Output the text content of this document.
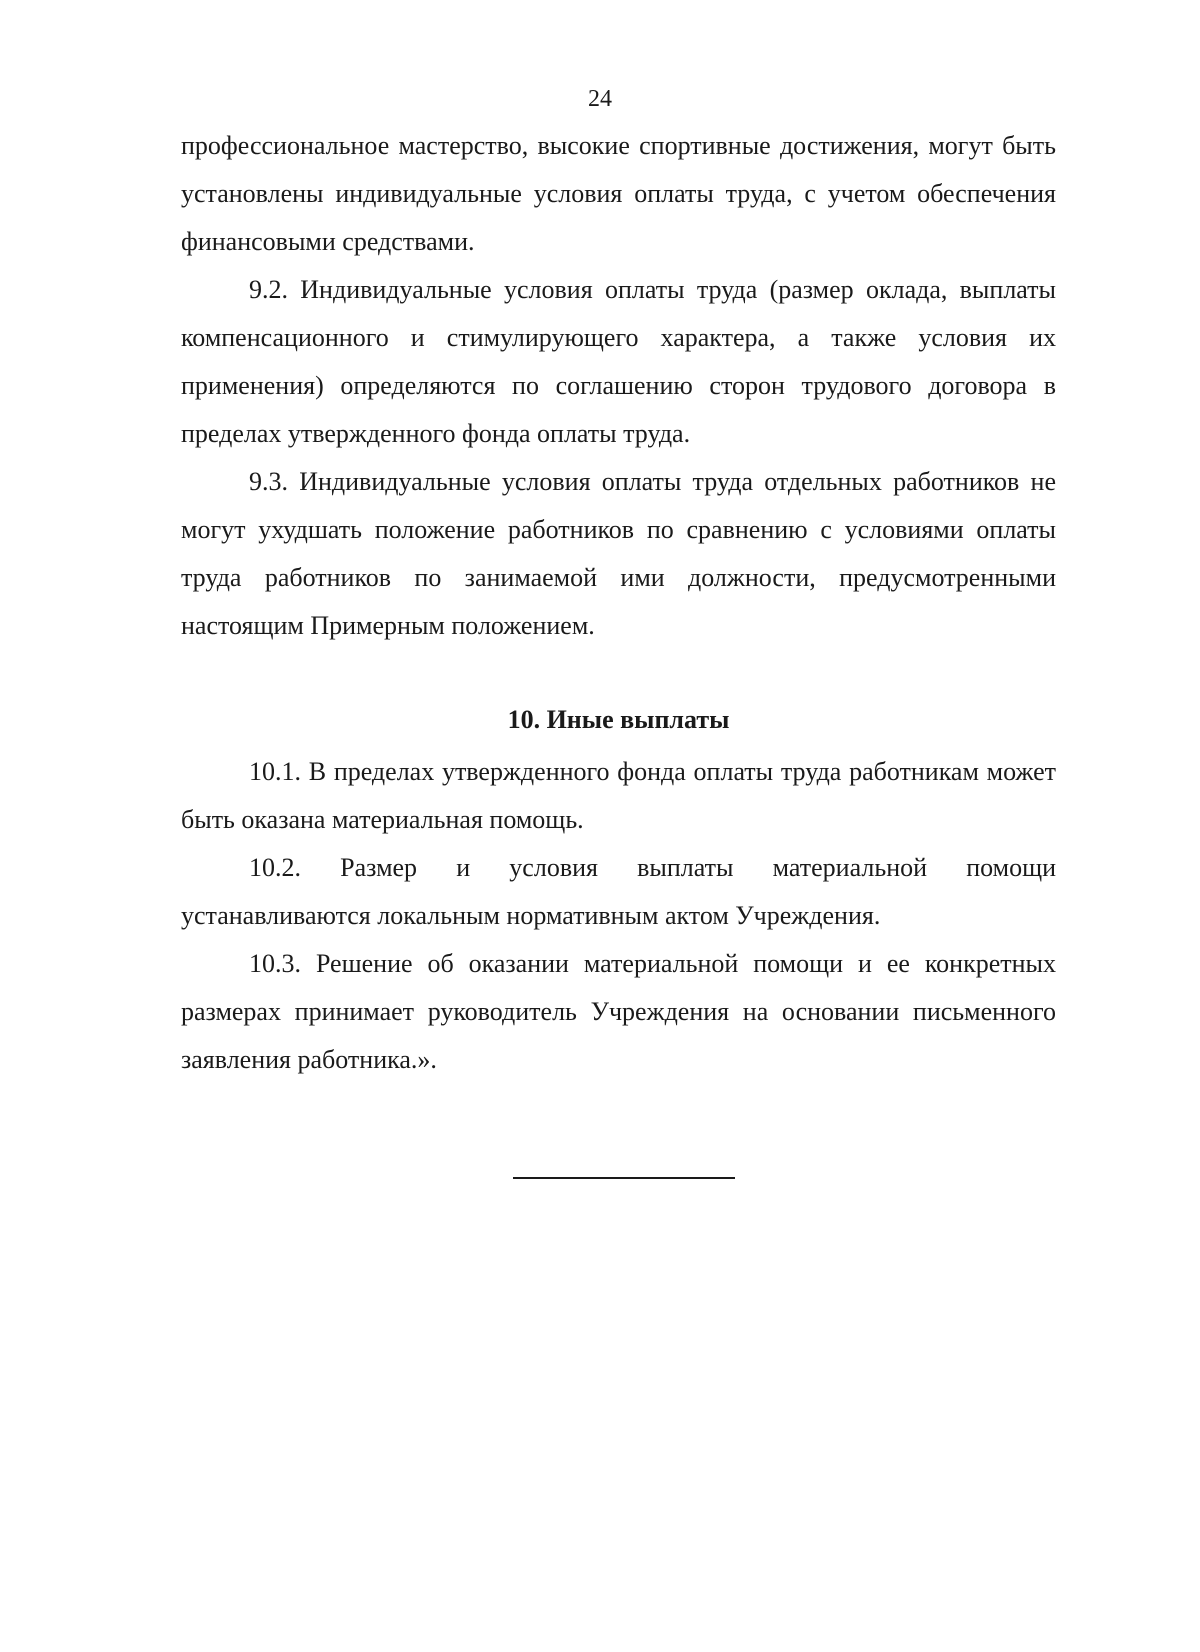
24

профессиональное мастерство, высокие спортивные достижения, могут быть установлены индивидуальные условия оплаты труда, с учетом обеспечения финансовыми средствами.

9.2. Индивидуальные условия оплаты труда (размер оклада, выплаты компенсационного и стимулирующего характера, а также условия их применения) определяются по соглашению сторон трудового договора в пределах утвержденного фонда оплаты труда.

9.3. Индивидуальные условия оплаты труда отдельных работников не могут ухудшать положение работников по сравнению с условиями оплаты труда работников по занимаемой ими должности, предусмотренными настоящим Примерным положением.

10. Иные выплаты

10.1. В пределах утвержденного фонда оплаты труда работникам может быть оказана материальная помощь.

10.2. Размер и условия выплаты материальной помощи устанавливаются локальным нормативным актом Учреждения.

10.3. Решение об оказании материальной помощи и ее конкретных размерах принимает руководитель Учреждения на основании письменного заявления работника.».
